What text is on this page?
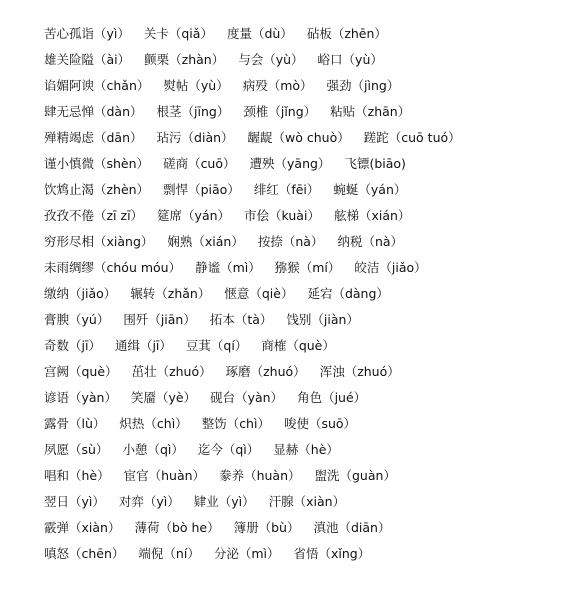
苦心孤诣（yì） 关卡（qiǎ） 度量（dù） 砧板（zhēn）
雄关险隘（ài） 颤栗（zhàn） 与会（yù） 峪口（yù）
谄媚阿谀（chǎn） 熨帖（yù） 病殁（mò） 强劲（jìng）
肆无忌惮（dàn） 根茎（jīng） 颈椎（jǐng） 粘贴（zhān）
殚精竭虑（dān） 玷污（diàn） 龌龊（wò chuò） 蹉跎（cuō tuó）
谨小慎微（shèn） 磋商（cuō） 遭殃（yāng） 飞镖(biāo)
饮鸩止渴（zhèn） 剽悍（piāo） 绯红（fēi） 蜿蜒（yán）
孜孜不倦（zī zī） 筵席（yán） 市侩（kuài） 舷梯（xián）
穷形尽相（xiàng） 娴熟（xián） 按捺（nà） 纳税（nà）
未雨绸缪（chóu móu） 静谧（mì） 猕猴（mí） 皎洁（jiǎo）
缴纳（jiǎo） 辗转（zhǎn） 惬意（qiè） 延宕（dàng）
膏腴（yú） 围歼（jiān） 拓本（tà） 饯别（jiàn）
奇数（jī） 通缉（jī） 豆萁（qí） 商榷（què）
宫阙（què） 茁壮（zhuó） 琢磨（zhuó） 浑浊（zhuó）
谚语（yàn） 笑靥（yè） 砚台（yàn） 角色（jué）
露骨（lù） 炽热（chì） 整饬（chì） 唆使（suō）
夙愿（sù） 小憩（qì） 迄今（qì） 显赫（hè）
唱和（hè） 宦官（huàn） 豢养（huàn） 盥洗（guàn）
翌日（yì） 对弈（yì） 肄业（yì） 汗腺（xiàn）
霰弹（xiàn） 薄荷（bò he） 簿册（bù） 滇池（diān）
嗔怒（chēn） 端倪（ní） 分泌（mì） 省悟（xǐng）
